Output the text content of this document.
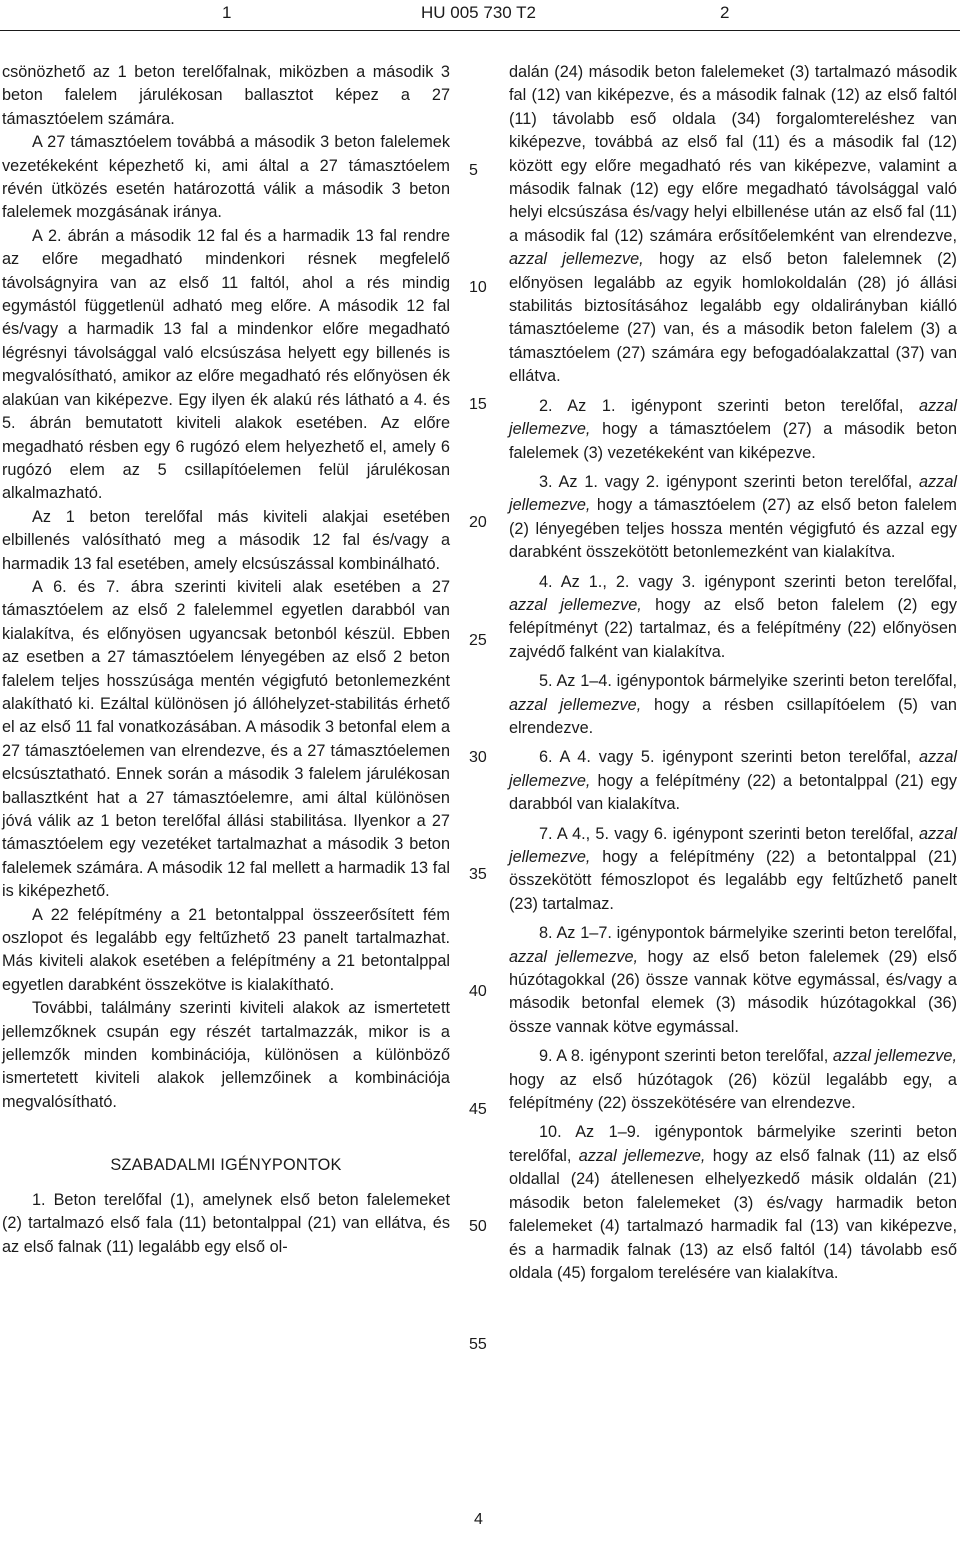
1	HU 005 730 T2	2

csönözhető az 1 beton terelőfalnak, miközben a második 3 beton falelem járulékosan ballasztot képez a 27 támasztóelem számára.

A 27 támasztóelem továbbá a második 3 beton falelemek vezetékeként képezhető ki, ami által a 27 támasztóelem révén ütközés esetén határozottá válik a második 3 beton falelemek mozgásának iránya.

A 2. ábrán a második 12 fal és a harmadik 13 fal rendre az előre megadható mindenkori résnek megfelelő távolságnyira van az első 11 faltól, ahol a rés mindig egymástól függetlenül adható meg előre. A második 12 fal és/vagy a harmadik 13 fal a mindenkor előre megadható légrésnyi távolsággal való elcsúszása helyett egy billenés is megvalósítható, amikor az előre megadható rés előnyösen ék alakúan van kiképezve. Egy ilyen ék alakú rés látható a 4. és 5. ábrán bemutatott kiviteli alakok esetében. Az előre megadható résben egy 6 rugózó elem helyezhető el, amely 6 rugózó elem az 5 csillapítóelemen felül járulékosan alkalmazható.

Az 1 beton terelőfal más kiviteli alakjai esetében elbillenés valósítható meg a második 12 fal és/vagy a harmadik 13 fal esetében, amely elcsúszással kombinálható.

A 6. és 7. ábra szerinti kiviteli alak esetében a 27 támasztóelem az első 2 falelemmel egyetlen darabból van kialakítva, és előnyösen ugyancsak betonból készül. Ebben az esetben a 27 támasztóelem lényegében az első 2 beton falelem teljes hosszúsága mentén végigfutó betonlemezként alakítható ki. Ezáltal különösen jó állóhelyzet-stabilitás érhető el az első 11 fal vonatkozásában. A második 3 betonfal elem a 27 támasztóelemen van elrendezve, és a 27 támasztóelemen elcsúsztatható. Ennek során a második 3 falelem járulékosan ballasztként hat a 27 támasztóelemre, ami által különösen jóvá válik az 1 beton terelőfal állási stabilitása. Ilyenkor a 27 támasztóelem egy vezetéket tartalmazhat a második 3 beton falelemek számára. A második 12 fal mellett a harmadik 13 fal is kiképezhető.

A 22 felépítmény a 21 betontalppal összeerősített fém oszlopot és legalább egy feltűzhető 23 panelt tartalmazhat. Más kiviteli alakok esetében a felépítmény a 21 betontalppal egyetlen darabként összekötve is kialakítható.

További, találmány szerinti kiviteli alakok az ismertetett jellemzőknek csupán egy részét tartalmazzák, mikor is a jellemzők minden kombinációja, különösen a különböző ismertetett kiviteli alakok jellemzőinek a kombinációja megvalósítható.

SZABADALMI IGÉNYPONTOK

1. Beton terelőfal (1), amelynek első beton falelemeket (2) tartalmazó első fala (11) betontalppal (21) van ellátva, és az első falnak (11) legalább egy első ol-

5
10
15
20
25
30
35
40
45
50
55

dalán (24) második beton falelemeket (3) tartalmazó második fal (12) van kiképezve, és a második falnak (12) az első faltól (11) távolabb eső oldala (34) forgalomtereléshez van kiképezve, továbbá az első fal (11) és a második fal (12) között egy előre megadható rés van kiképezve, valamint a második falnak (12) egy előre megadható távolsággal való helyi elcsúszása és/vagy helyi elbillenése után az első fal (11) a második fal (12) számára erősítőelemként van elrendezve, azzal jellemezve, hogy az első beton falelemnek (2) előnyösen legalább az egyik homlokoldalán (28) jó állási stabilitás biztosításához legalább egy oldalirányban kiálló támasztóeleme (27) van, és a második beton falelem (3) a támasztóelem (27) számára egy befogadóalakzattal (37) van ellátva.

2. Az 1. igénypont szerinti beton terelőfal, azzal jellemezve, hogy a támasztóelem (27) a második beton falelemek (3) vezetékeként van kiképezve.

3. Az 1. vagy 2. igénypont szerinti beton terelőfal, azzal jellemezve, hogy a támasztóelem (27) az első beton falelem (2) lényegében teljes hossza mentén végigfutó és azzal egy darabként összekötött betonlemezként van kialakítva.

4. Az 1., 2. vagy 3. igénypont szerinti beton terelőfal, azzal jellemezve, hogy az első beton falelem (2) egy felépítményt (22) tartalmaz, és a felépítmény (22) előnyösen zajvédő falként van kialakítva.

5. Az 1–4. igénypontok bármelyike szerinti beton terelőfal, azzal jellemezve, hogy a résben csillapítóelem (5) van elrendezve.

6. A 4. vagy 5. igénypont szerinti beton terelőfal, azzal jellemezve, hogy a felépítmény (22) a betontalppal (21) egy darabból van kialakítva.

7. A 4., 5. vagy 6. igénypont szerinti beton terelőfal, azzal jellemezve, hogy a felépítmény (22) a betontalppal (21) összekötött fémoszlopot és legalább egy feltűzhető panelt (23) tartalmaz.

8. Az 1–7. igénypontok bármelyike szerinti beton terelőfal, azzal jellemezve, hogy az első beton falelemek (29) első húzótagokkal (26) össze vannak kötve egymással, és/vagy a második betonfal elemek (3) második húzótagokkal (36) össze vannak kötve egymással.

9. A 8. igénypont szerinti beton terelőfal, azzal jellemezve, hogy az első húzótagok (26) közül legalább egy, a felépítmény (22) összekötésére van elrendezve.

10. Az 1–9. igénypontok bármelyike szerinti beton terelőfal, azzal jellemezve, hogy az első falnak (11) az első oldallal (24) átellenesen elhelyezkedő másik oldalán (21) második beton falelemeket (3) és/vagy harmadik beton falelemeket (4) tartalmazó harmadik fal (13) van kiképezve, és a harmadik falnak (13) az első faltól (14) távolabb eső oldala (45) forgalom terelésére van kialakítva.

4
